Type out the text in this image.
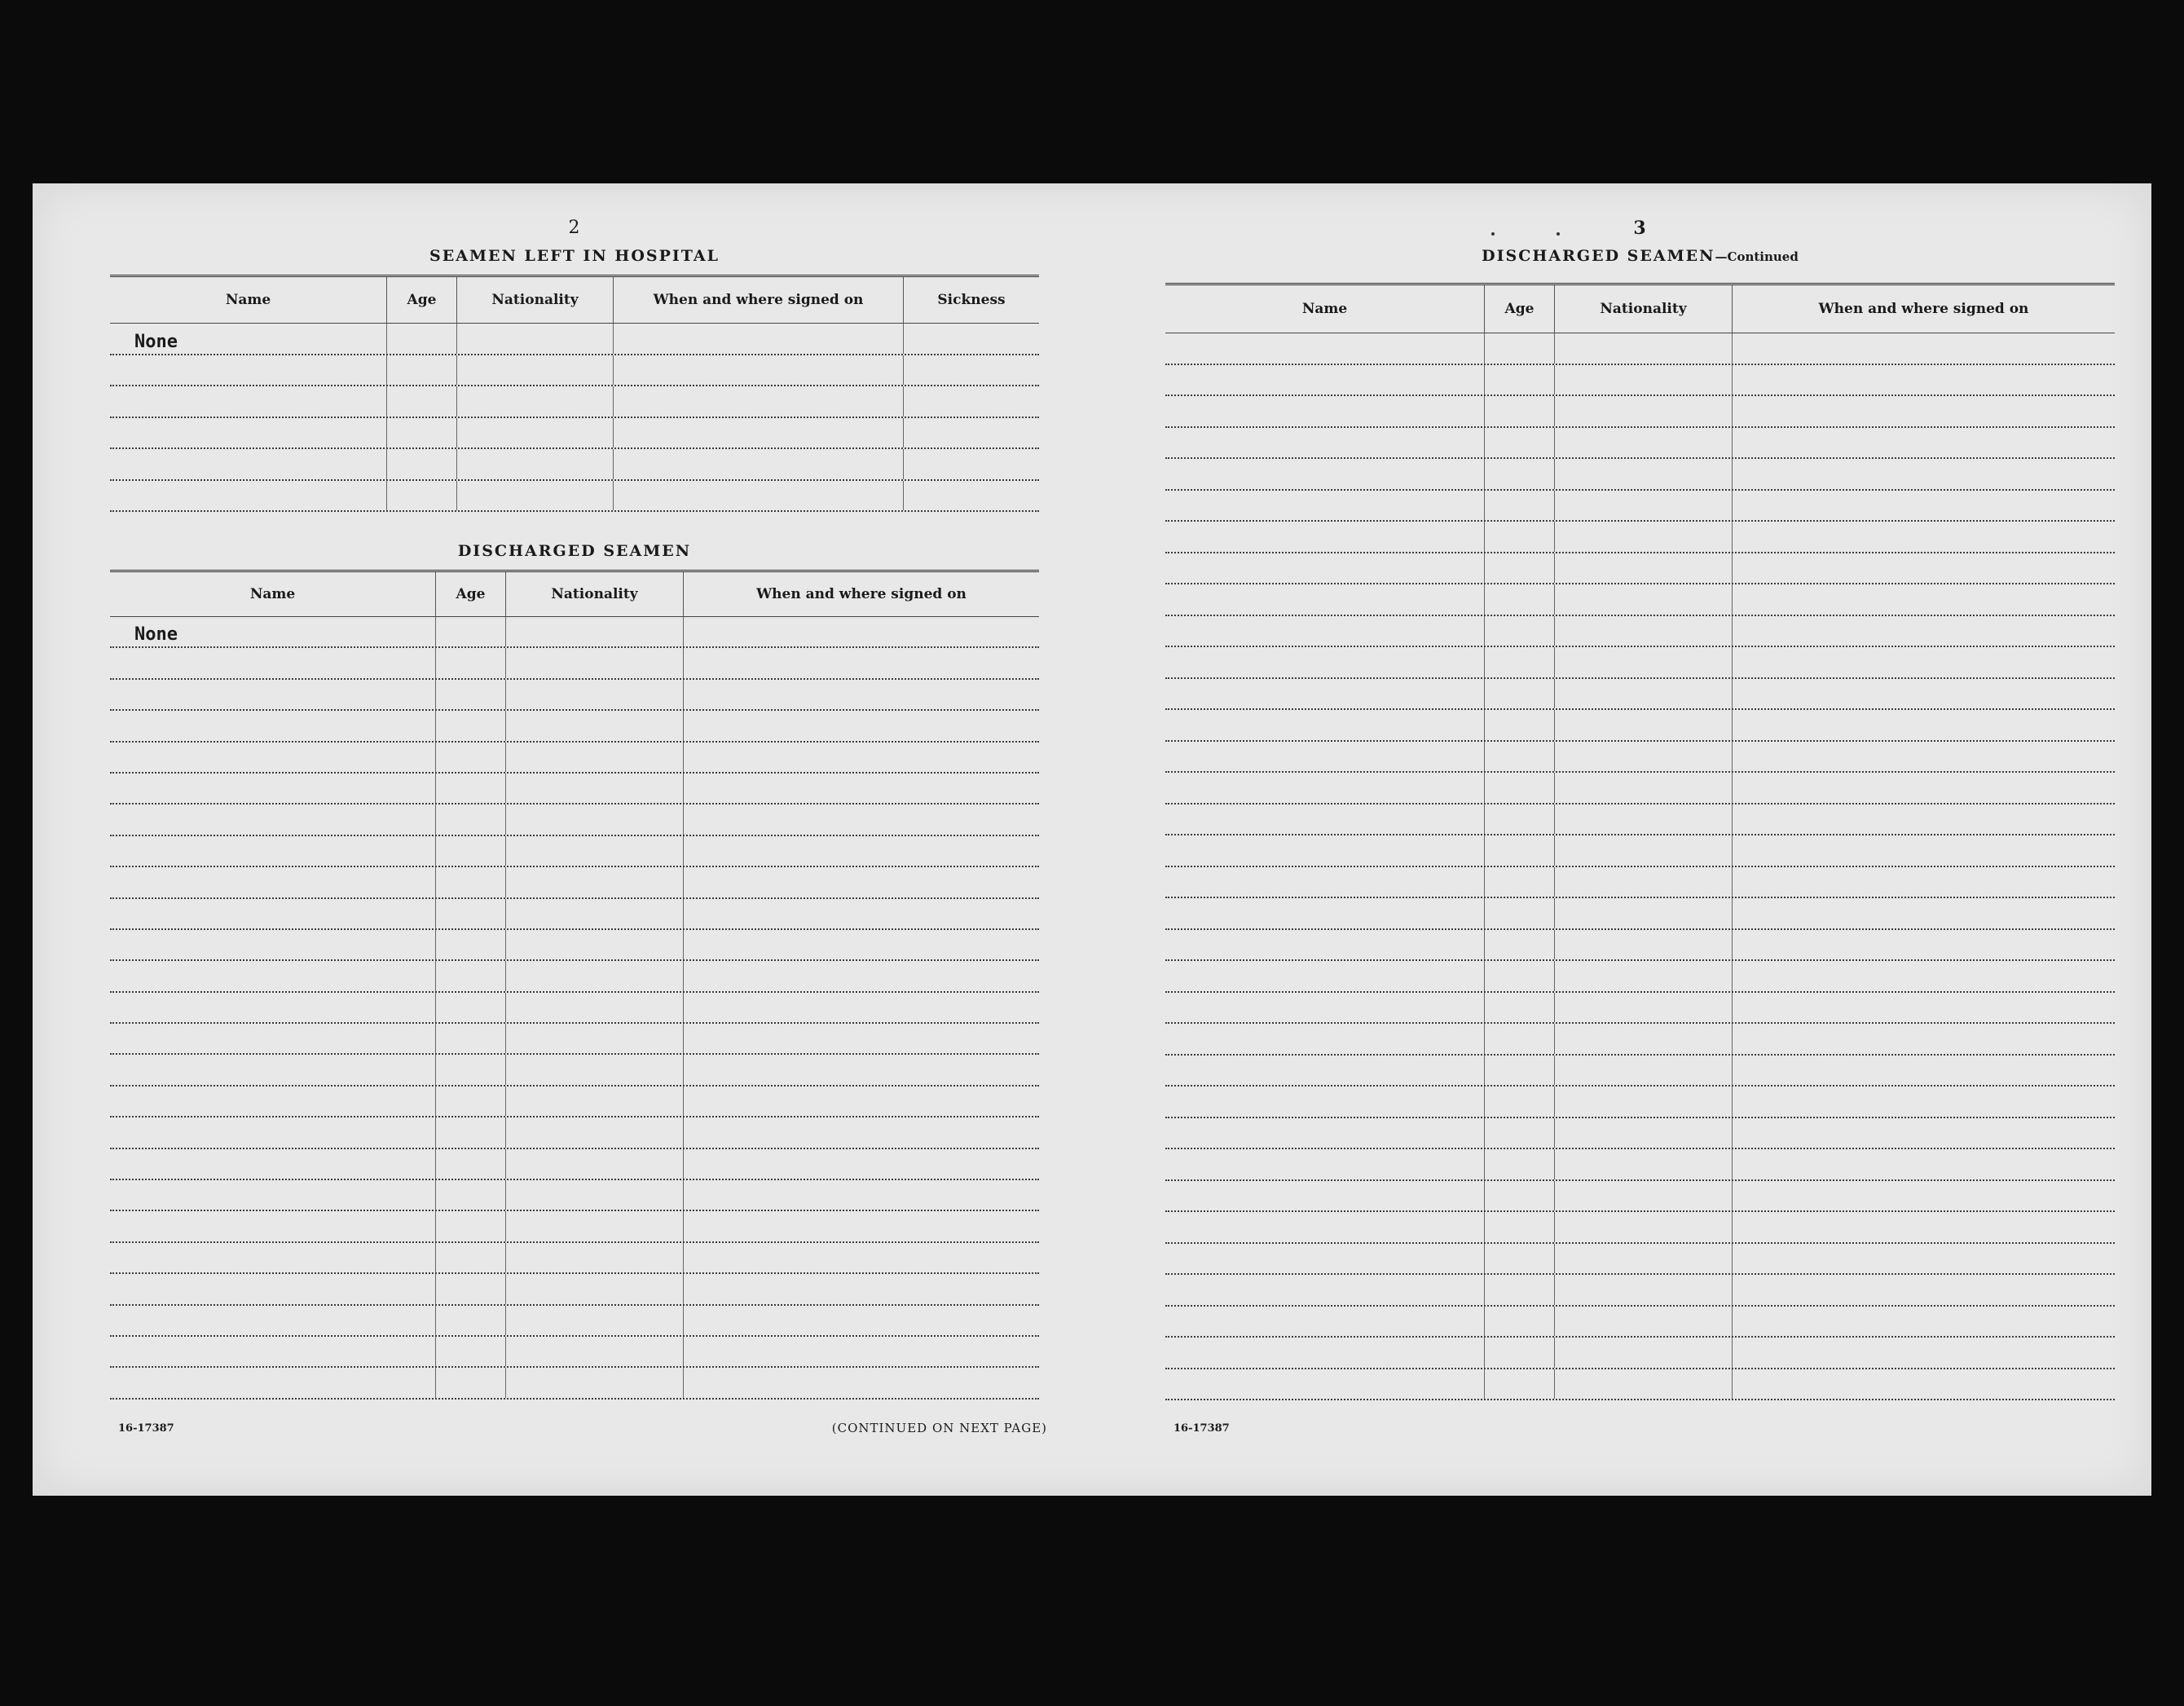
2
SEAMEN LEFT IN HOSPITAL
Name	Age	Nationality	When and where signed on	Sickness
None
DISCHARGED SEAMEN
Name	Age	Nationality	When and where signed on
None
16-17387	(CONTINUED ON NEXT PAGE)
3
DISCHARGED SEAMEN—Continued
Name	Age	Nationality	When and where signed on
16-17387
